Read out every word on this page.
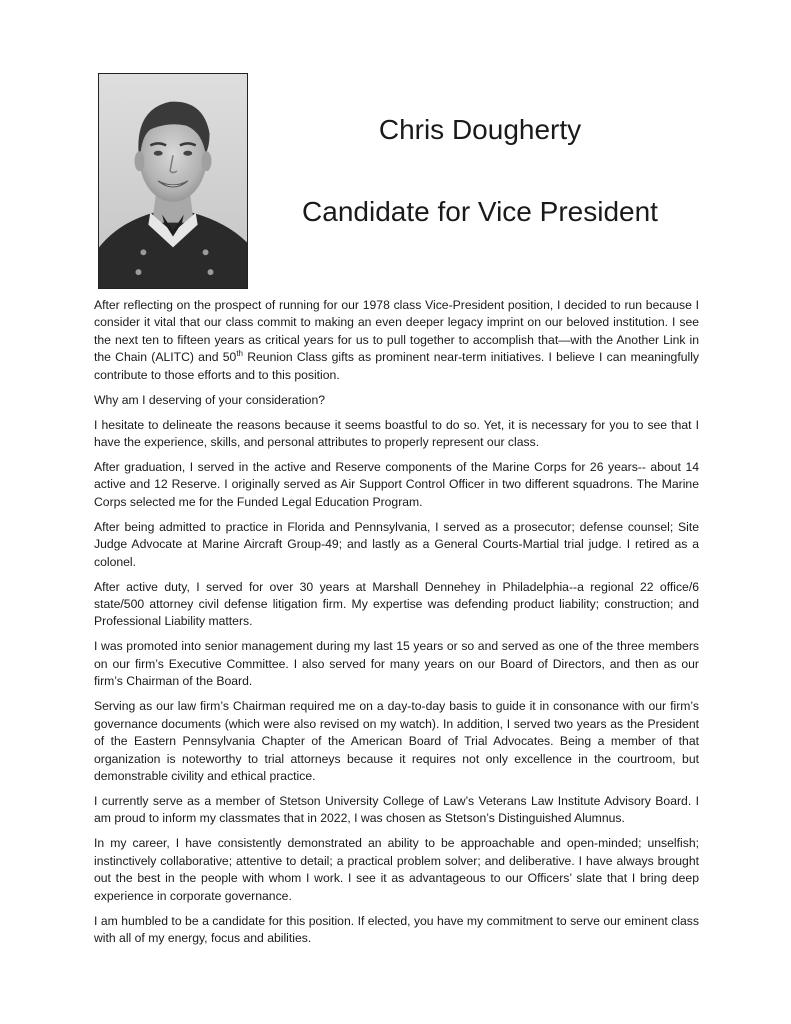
Chris Dougherty
Candidate for Vice President

After reflecting on the prospect of running for our 1978 class Vice-President position, I decided to run because I consider it vital that our class commit to making an even deeper legacy imprint on our beloved institution. I see the next ten to fifteen years as critical years for us to pull together to accomplish that—with the Another Link in the Chain (ALITC) and 50th Reunion Class gifts as prominent near-term initiatives. I believe I can meaningfully contribute to those efforts and to this position.

Why am I deserving of your consideration?

I hesitate to delineate the reasons because it seems boastful to do so. Yet, it is necessary for you to see that I have the experience, skills, and personal attributes to properly represent our class.

After graduation, I served in the active and Reserve components of the Marine Corps for 26 years-- about 14 active and 12 Reserve. I originally served as Air Support Control Officer in two different squadrons. The Marine Corps selected me for the Funded Legal Education Program.

After being admitted to practice in Florida and Pennsylvania, I served as a prosecutor; defense counsel; Site Judge Advocate at Marine Aircraft Group-49; and lastly as a General Courts-Martial trial judge. I retired as a colonel.

After active duty, I served for over 30 years at Marshall Dennehey in Philadelphia--a regional 22 office/6 state/500 attorney civil defense litigation firm. My expertise was defending product liability; construction; and Professional Liability matters.

I was promoted into senior management during my last 15 years or so and served as one of the three members on our firm’s Executive Committee. I also served for many years on our Board of Directors, and then as our firm’s Chairman of the Board.

Serving as our law firm’s Chairman required me on a day-to-day basis to guide it in consonance with our firm’s governance documents (which were also revised on my watch). In addition, I served two years as the President of the Eastern Pennsylvania Chapter of the American Board of Trial Advocates. Being a member of that organization is noteworthy to trial attorneys because it requires not only excellence in the courtroom, but demonstrable civility and ethical practice.

I currently serve as a member of Stetson University College of Law’s Veterans Law Institute Advisory Board. I am proud to inform my classmates that in 2022, I was chosen as Stetson’s Distinguished Alumnus.

In my career, I have consistently demonstrated an ability to be approachable and open-minded; unselfish; instinctively collaborative; attentive to detail; a practical problem solver; and deliberative. I have always brought out the best in the people with whom I work. I see it as advantageous to our Officers’ slate that I bring deep experience in corporate governance.

I am humbled to be a candidate for this position. If elected, you have my commitment to serve our eminent class with all of my energy, focus and abilities.
